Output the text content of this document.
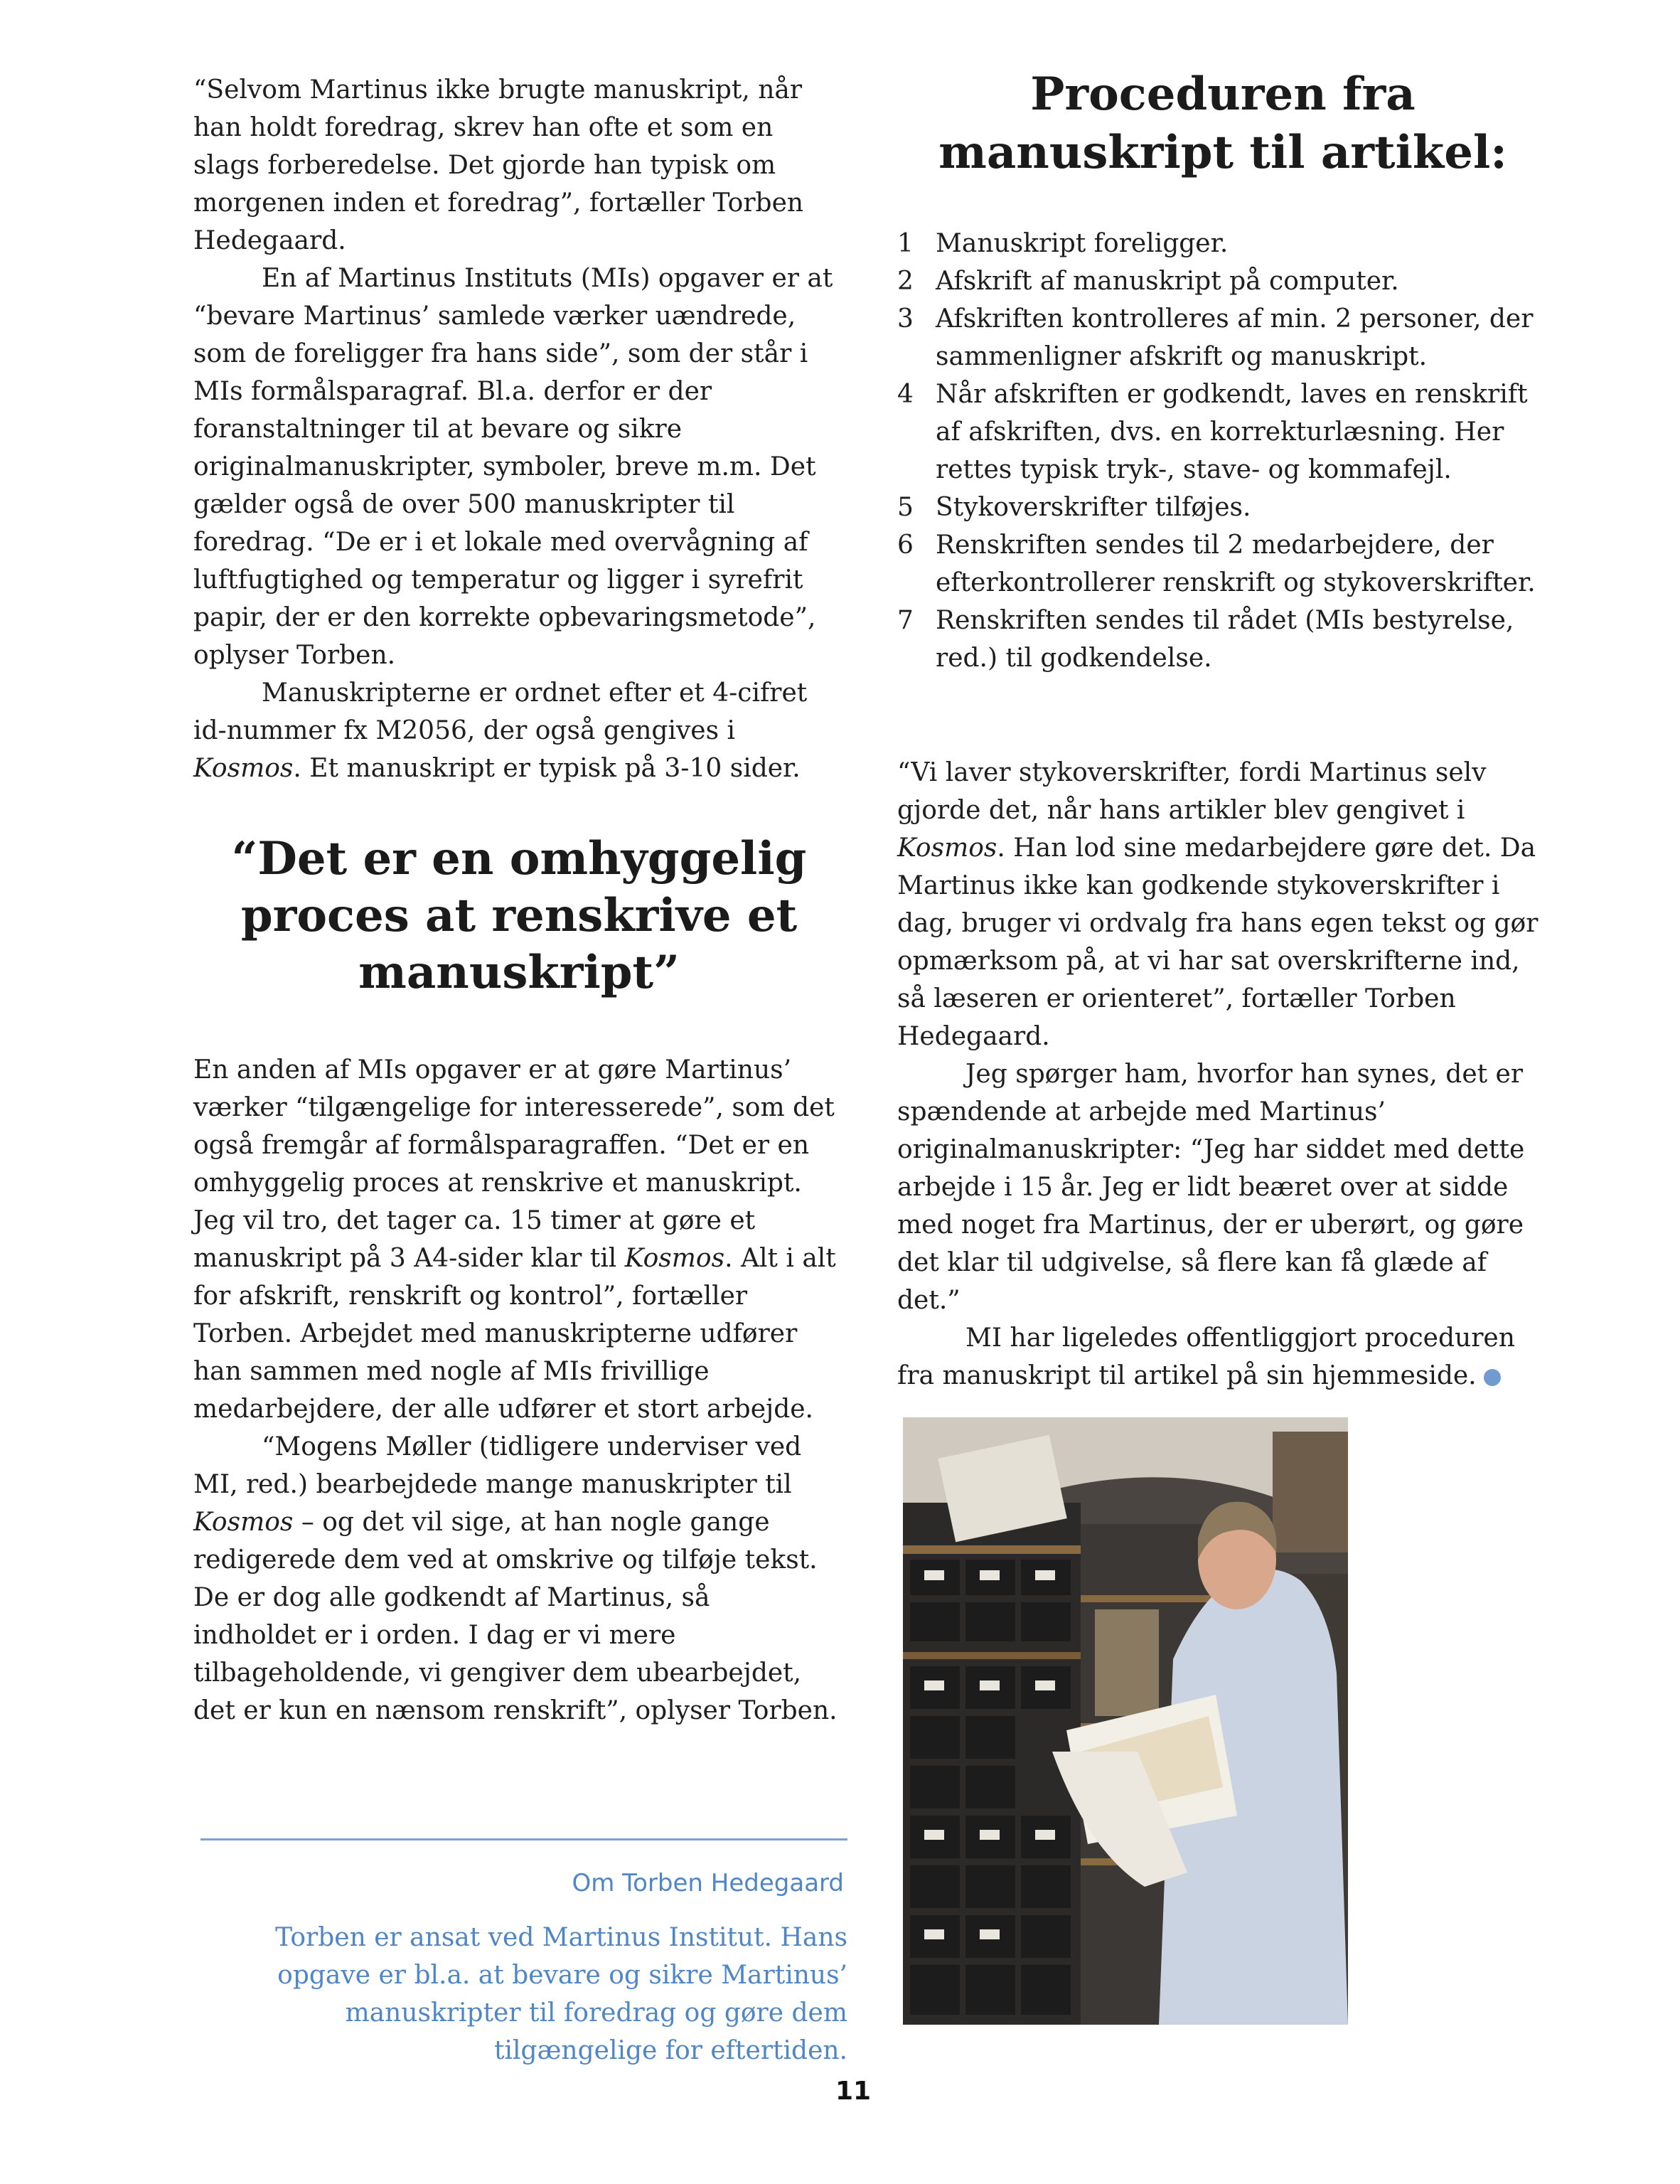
“Selvom Martinus ikke brugte manuskript, når han holdt foredrag, skrev han ofte et som en slags forberedelse. Det gjorde han typisk om morgenen inden et foredrag”, fortæller Torben Hedegaard.

En af Martinus Instituts (MIs) opgaver er at “bevare Martinus’ samlede værker uændrede, som de foreligger fra hans side”, som der står i MIs formålsparagraf. Bl.a. derfor er der foranstaltninger til at bevare og sikre originalmanuskripter, symboler, breve m.m. Det gælder også de over 500 manuskripter til foredrag. “De er i et lokale med overvågning af luftfugtighed og temperatur og ligger i syrefrit papir, der er den korrekte opbevaringsmetode”, oplyser Torben.

Manuskripterne er ordnet efter et 4-cifret id-nummer fx M2056, der også gengives i Kosmos. Et manuskript er typisk på 3-10 sider.

“Det er en omhyggelig proces at renskrive et manuskript”

En anden af MIs opgaver er at gøre Martinus’ værker “tilgængelige for interesserede”, som det også fremgår af formålsparagraffen. “Det er en omhyggelig proces at renskrive et manuskript. Jeg vil tro, det tager ca. 15 timer at gøre et manuskript på 3 A4-sider klar til Kosmos. Alt i alt for afskrift, renskrift og kontrol”, fortæller Torben. Arbejdet med manuskripterne udfører han sammen med nogle af MIs frivillige medarbejdere, der alle udfører et stort arbejde.

“Mogens Møller (tidligere underviser ved MI, red.) bearbejdede mange manuskripter til Kosmos – og det vil sige, at han nogle gange redigerede dem ved at omskrive og tilføje tekst. De er dog alle godkendt af Martinus, så indholdet er i orden. I dag er vi mere tilbageholdende, vi gengiver dem ubearbejdet, det er kun en nænsom renskrift”, oplyser Torben.

Proceduren fra manuskript til artikel:
1 Manuskript foreligger.
2 Afskrift af manuskript på computer.
3 Afskriften kontrolleres af min. 2 personer, der sammenligner afskrift og manuskript.
4 Når afskriften er godkendt, laves en renskrift af afskriften, dvs. en korrekturlæsning. Her rettes typisk tryk-, stave- og kommafejl.
5 Stykoverskrifter tilføjes.
6 Renskriften sendes til 2 medarbejdere, der efterkontrollerer renskrift og stykoverskrifter.
7 Renskriften sendes til rådet (MIs bestyrelse, red.) til godkendelse.

“Vi laver stykoverskrifter, fordi Martinus selv gjorde det, når hans artikler blev gengivet i Kosmos. Han lod sine medarbejdere gøre det. Da Martinus ikke kan godkende stykoverskrifter i dag, bruger vi ordvalg fra hans egen tekst og gør opmærksom på, at vi har sat overskrifterne ind, så læseren er orienteret”, fortæller Torben Hedegaard.

Jeg spørger ham, hvorfor han synes, det er spændende at arbejde med Martinus’ originalmanuskripter: “Jeg har siddet med dette arbejde i 15 år. Jeg er lidt beæret over at sidde med noget fra Martinus, der er uberørt, og gøre det klar til udgivelse, så flere kan få glæde af det.”

MI har ligeledes offentliggjort proceduren fra manuskript til artikel på sin hjemmeside.

Om Torben Hedegaard
Torben er ansat ved Martinus Institut. Hans opgave er bl.a. at bevare og sikre Martinus’ manuskripter til foredrag og gøre dem tilgængelige for eftertiden.
11
